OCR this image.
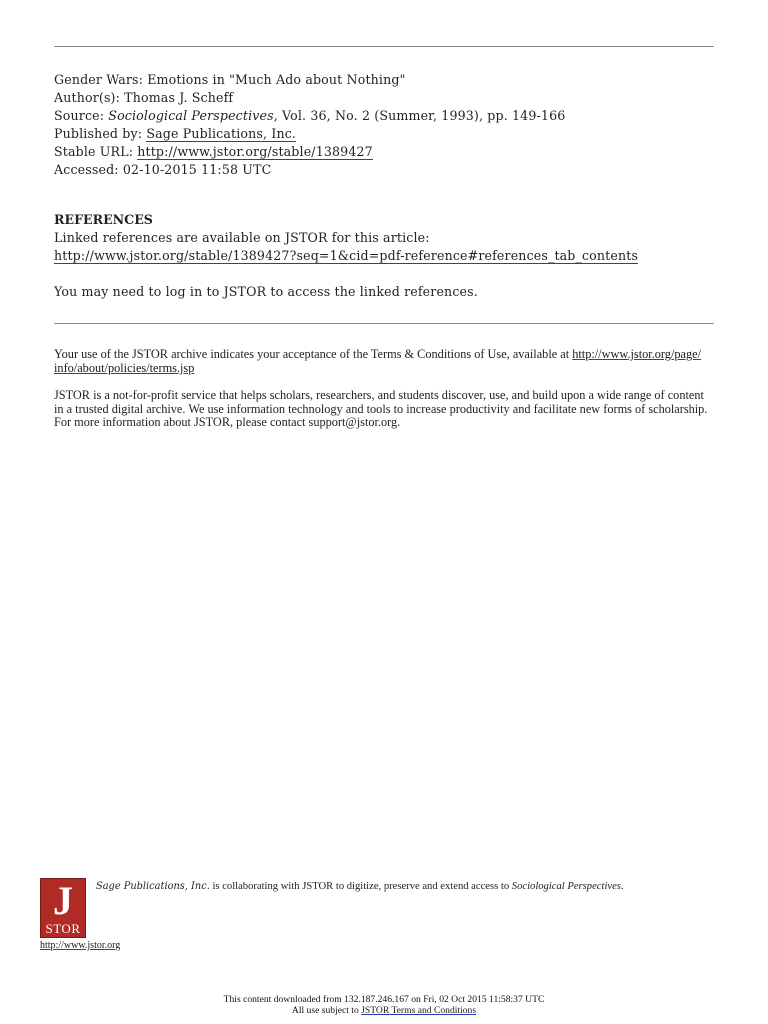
Gender Wars: Emotions in "Much Ado about Nothing"
Author(s): Thomas J. Scheff
Source: Sociological Perspectives, Vol. 36, No. 2 (Summer, 1993), pp. 149-166
Published by: Sage Publications, Inc.
Stable URL: http://www.jstor.org/stable/1389427
Accessed: 02-10-2015 11:58 UTC
REFERENCES
Linked references are available on JSTOR for this article:
http://www.jstor.org/stable/1389427?seq=1&cid=pdf-reference#references_tab_contents
You may need to log in to JSTOR to access the linked references.
Your use of the JSTOR archive indicates your acceptance of the Terms & Conditions of Use, available at http://www.jstor.org/page/
info/about/policies/terms.jsp
JSTOR is a not-for-profit service that helps scholars, researchers, and students discover, use, and build upon a wide range of content
in a trusted digital archive. We use information technology and tools to increase productivity and facilitate new forms of scholarship.
For more information about JSTOR, please contact support@jstor.org.
J
STOR
http://www.jstor.org
Sage Publications, Inc. is collaborating with JSTOR to digitize, preserve and extend access to Sociological Perspectives.
This content downloaded from 132.187.246.167 on Fri, 02 Oct 2015 11:58:37 UTC
All use subject to JSTOR Terms and Conditions
